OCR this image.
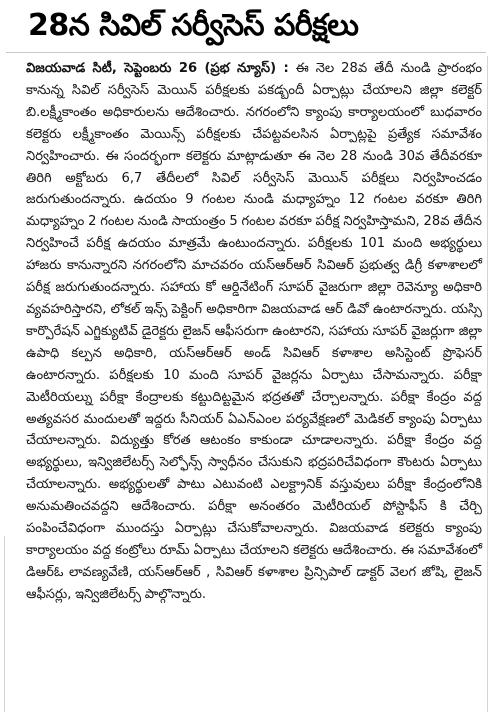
28న సివిల్ సర్వీసెస్ పరీక్షలు

విజయవాడ సిటీ, సెప్టెంబరు 26 (ప్రభ న్యూస్) : ఈ నెల 28వ తేదీ నుండి ప్రారంభం కానున్న సివిల్ సర్వీసెస్ మెయిన్ పరీక్షలకు పకడ్బందీ ఏర్పాట్లు చేయాలని జిల్లా కలెక్టర్ బి.లక్ష్మీకాంతం అధికారులను ఆదేశించారు. నగరంలోని క్యాంపు కార్యాలయంలో బుధవారం కలెక్టరు లక్ష్మీకాంతం మెయిన్స్ పరీక్షలకు చేపట్టవలసిన ఏర్పాట్లపై ప్రత్యేక సమావేశం నిర్వహించారు. ఈ సందర్భంగా కలెక్టరు మాట్లాడుతూ ఈ నెల 28 నుండి 30వ తేదీవరకూ తిరిగి అక్టోబరు 6,7 తేదీలలో సివిల్ సర్వీసెస్ మెయిన్ పరీక్షలు నిర్వహించడం జరుగుతుందన్నారు. ఉదయం 9 గంటల నుండి మధ్యాహ్నం 12 గంటల వరకూ తిరిగి మధ్యాహ్నం 2 గంటల నుండి సాయంత్రం 5 గంటల వరకూ పరీక్ష నిర్వహిస్తామని, 28వ తేదీన నిర్వహించే పరీక్ష ఉదయం మాత్రమే ఉంటుందన్నారు. పరీక్షలకు 101 మంది అభ్యర్థులు హాజరు కానున్నారని నగరంలోని మాచవరం యస్ఆర్ఆర్ సివిఆర్ ప్రభుత్వ డిగ్రీ కళాశాలలో పరీక్ష జరుగుతుందన్నారు. సహాయ కో ఆర్డినేటింగ్ సూపర్ వైజరుగా జిల్లా రెవెన్యూ అధికారి వ్యవహరిస్తారని, లోకల్ ఇన్స్ పెక్టింగ్ అధికారిగా విజయవాడ ఆర్ డివో ఉంటారన్నారు. యస్సి కార్పొరేషన్ ఎగ్జిక్యుటివ్ డైరెక్టరు లైజన్ ఆఫీసరుగా ఉంటారని, సహాయ సూపర్ వైజర్లుగా జిల్లా ఉపాధి కల్పన అధికారి, యస్ఆర్ఆర్ అండ్ సివిఆర్ కళాశాల అసిస్టెంట్ ప్రొఫెసర్ ఉంటారన్నారు. పరీక్షలకు 10 మంది సూపర్ వైజర్లను ఏర్పాటు చేసామన్నారు. పరీక్షా మెటీరియల్ను పరీక్షా కేంద్రాలకు కట్టుదిట్టమైన భద్రతతో చేర్చాలన్నారు. పరీక్షా కేంద్రం వద్ద అత్యవసర మందులతో ఇద్దరు సీనియర్ ఏఎన్ఎంల పర్యవేక్షణలో మెడికల్ క్యాంపు ఏర్పాటు చేయాలన్నారు. విద్యుత్తు కోరత ఆటంకం కాకుండా చూడాలన్నారు. పరీక్షా కేంద్రం వద్ద అభ్యర్థులు, ఇన్విజిలేటర్స్ సెల్ఫోన్స్ స్వాధీనం చేసుకుని భద్రపరిచేవిధంగా కౌంటరు ఏర్పాటు చేయాలన్నారు. అభ్యర్థులతో పాటు ఎటువంటి ఎలక్ట్రానిక్ వస్తువులు పరీక్షా కేంద్రంలోనికి అనుమతించవద్దని ఆదేశించారు. పరీక్షా అనంతరం మెటీరియల్ పోస్టాఫీస్ కి చేర్చి పంపించేవిధంగా ముందస్తు ఏర్పాట్లు చేసుకోవాలన్నారు. విజయవాడ కలెక్టరు క్యాంపు కార్యాలయం వద్ద కంట్రోలు రూమ్ ఏర్పాటు చేయాలని కలెక్టరు ఆదేశించారు. ఈ సమావేశంలో డిఆర్ఓ లావణ్యవేణి, యస్ఆర్ఆర్ , సివిఆర్ కళాశాల ప్రిన్సిపాల్ డాక్టర్ వెలగ జోషి, లైజన్ ఆఫీసర్లు, ఇన్విజిలేటర్స్ పాల్గొన్నారు.
